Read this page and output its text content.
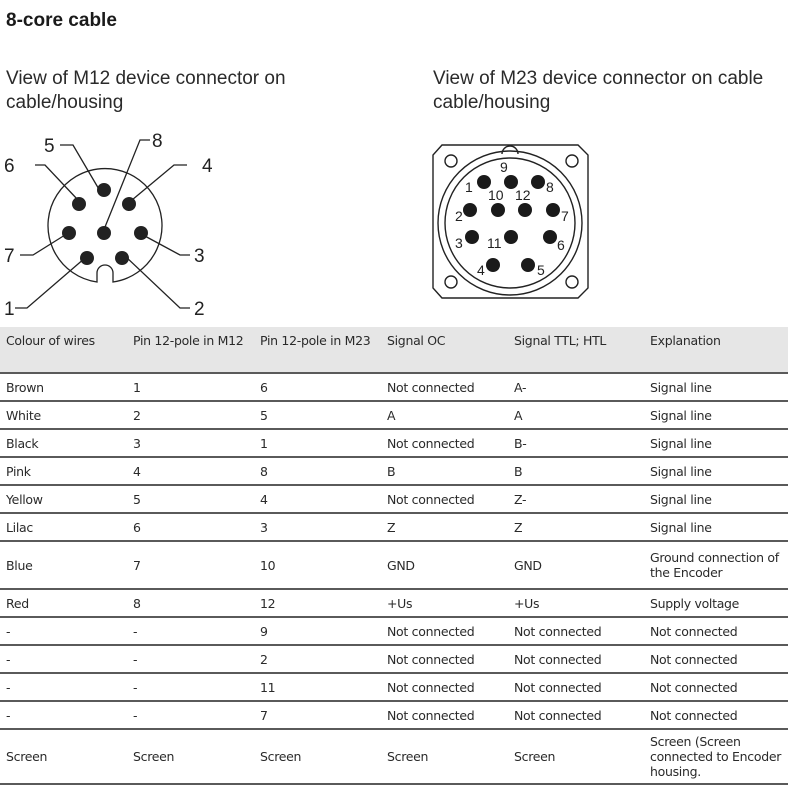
8-core cable
View of M12 device connector on cable/housing
View of M23 device connector on cable cable/housing
5	8
6	4
7	3
1	2
1
2
3
4	5
6
7
8
9
10
11
12
Colour of wires	Pin 12-pole in M12	Pin 12-pole in M23	Signal OC	Signal TTL; HTL	Explanation
Brown	1	6	Not connected	A-	Signal line
White	2	5	A	A	Signal line
Black	3	1	Not connected	B-	Signal line
Pink	4	8	B	B	Signal line
Yellow	5	4	Not connected	Z-	Signal line
Lilac	6	3	Z	Z	Signal line
Blue	7	10	GND	GND	Ground connection of the Encoder
Red	8	12	+Us	+Us	Supply voltage
-	-	9	Not connected	Not connected	Not connected
-	-	2	Not connected	Not connected	Not connected
-	-	11	Not connected	Not connected	Not connected
-	-	7	Not connected	Not connected	Not connected
Screen	Screen	Screen	Screen	Screen	Screen (Screen connected to Encoder housing.
